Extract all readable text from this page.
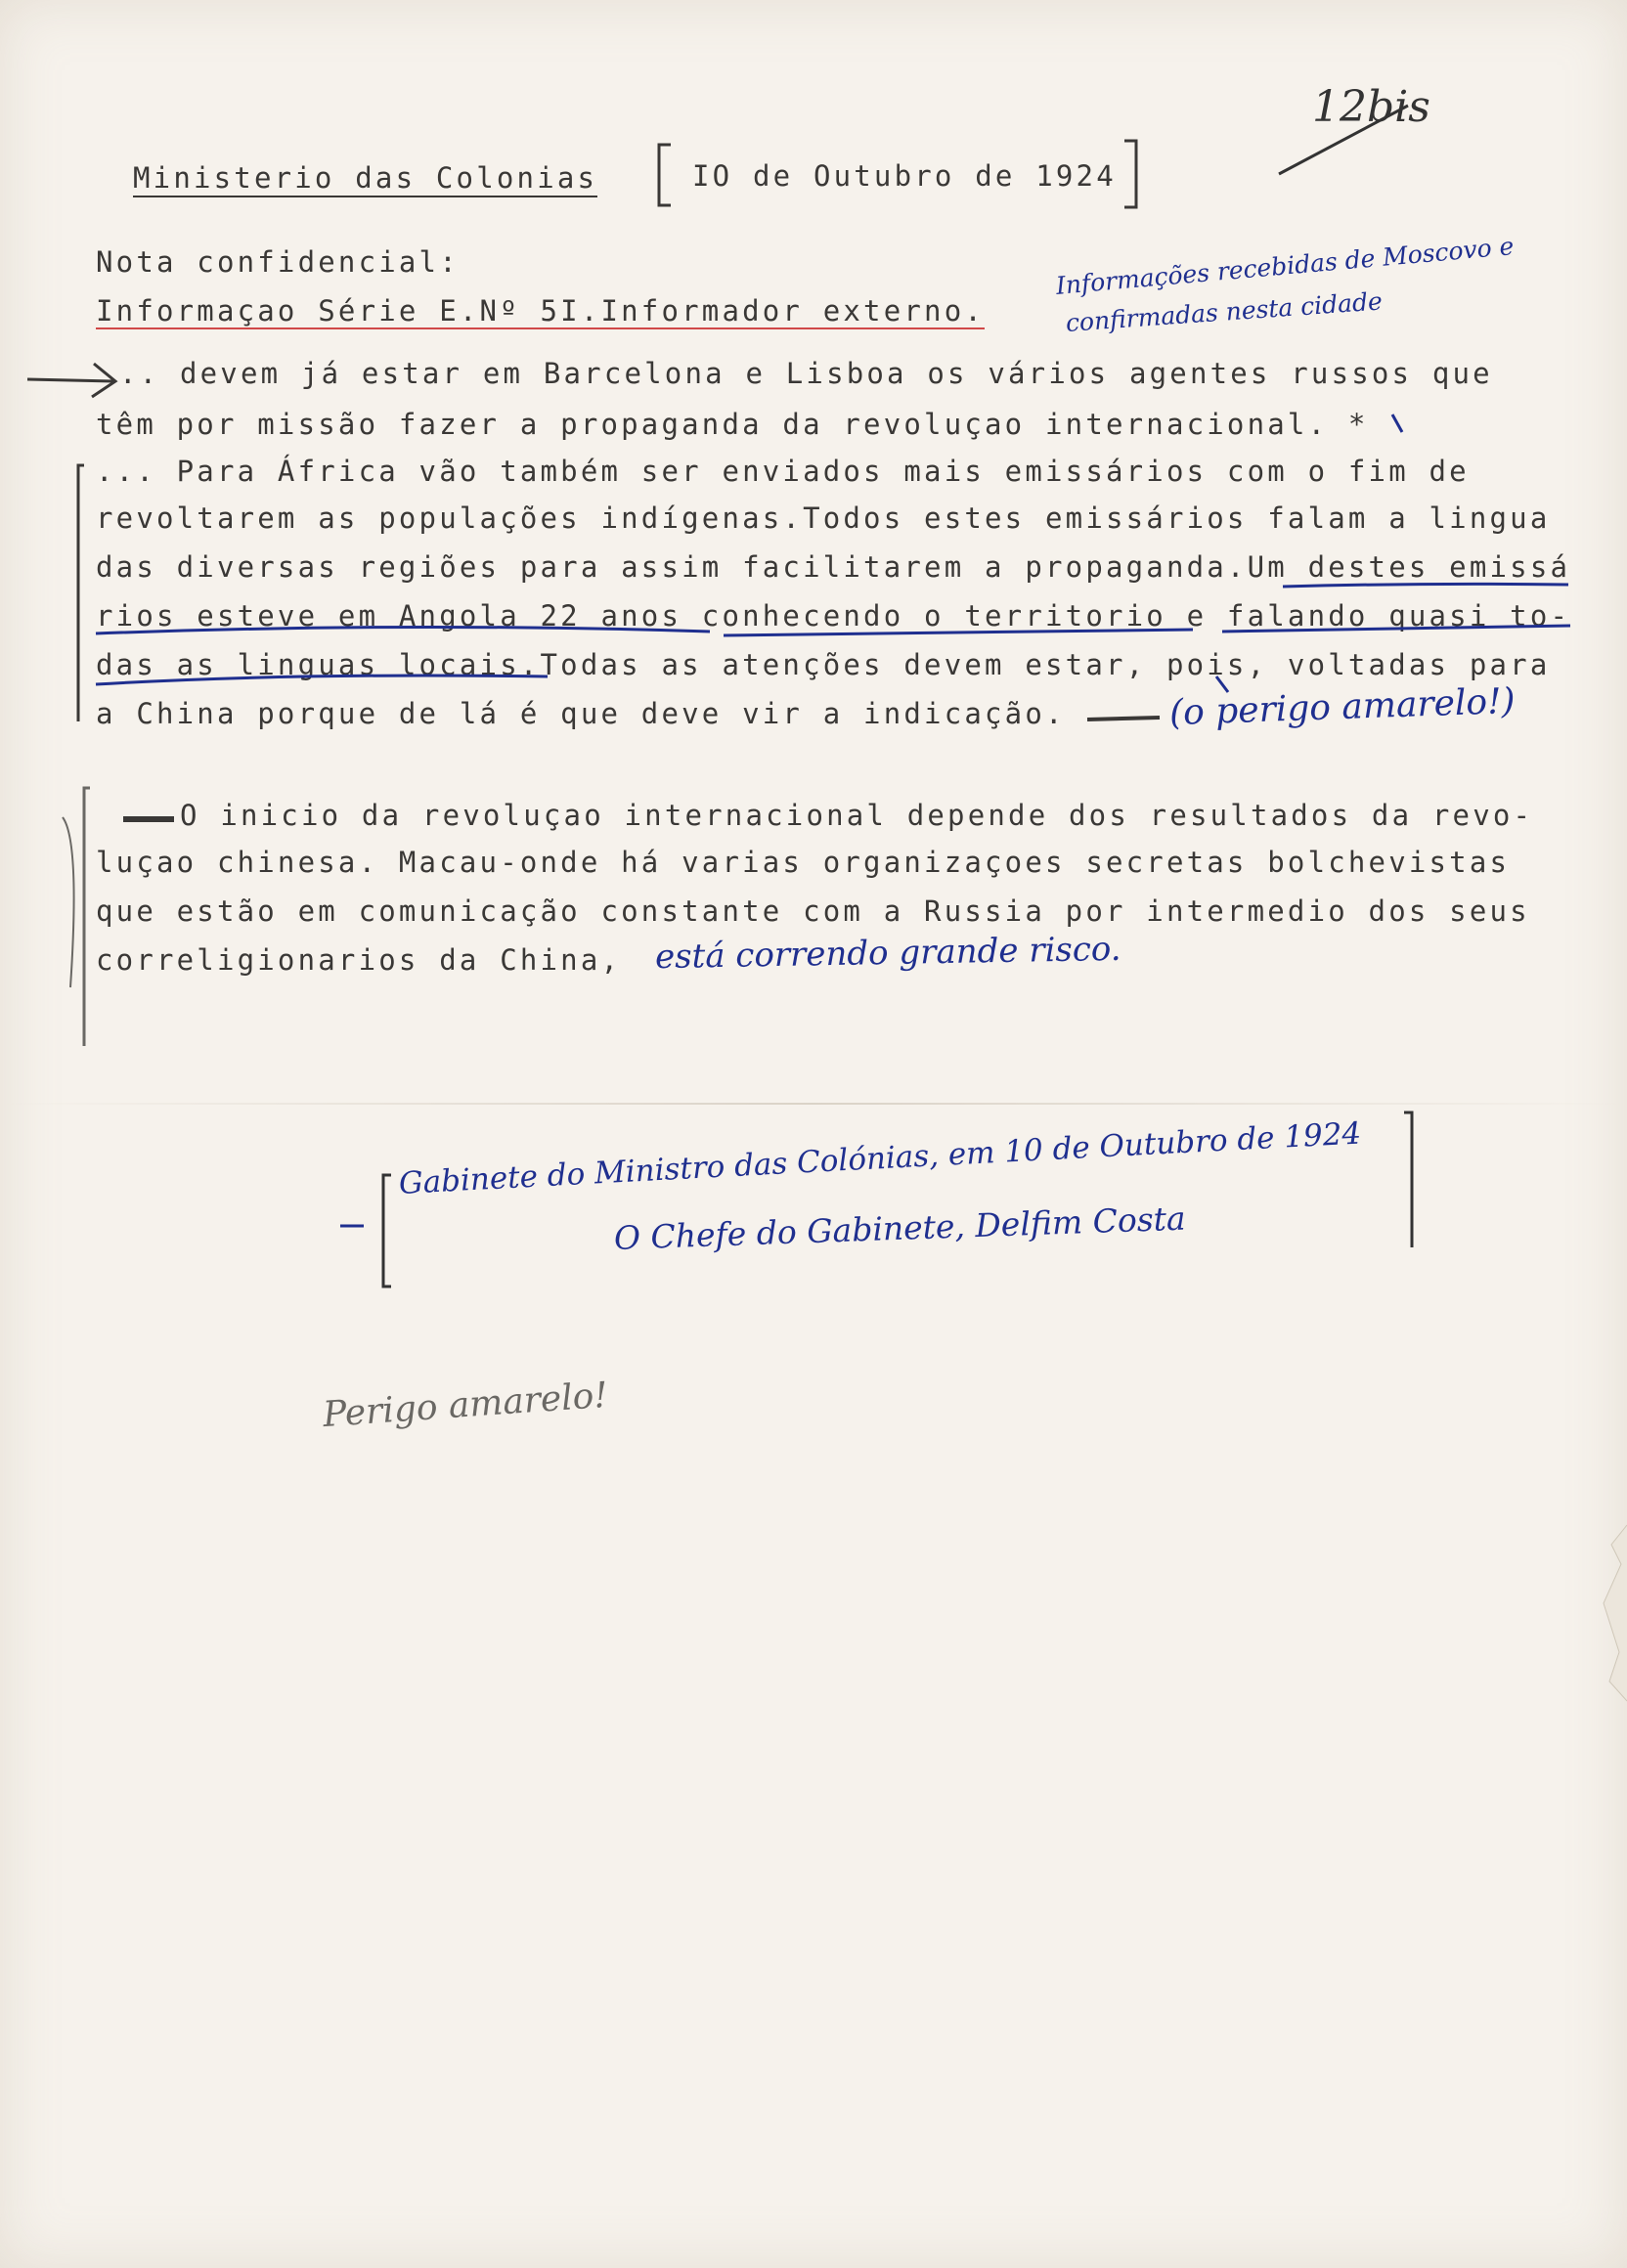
Ministerio das Colonias	IO de Outubro de 1924
12bis
Nota confidencial:
Informaçao Série E.Nº 5I.Informador externo.
Informações recebidas de Moscovo e
confirmadas nesta cidade
.. devem já estar em Barcelona e Lisboa os vários agentes russos que
têm por missão fazer a propaganda da revoluçao internacional. *
... Para África vão também ser enviados mais emissários com o fim de
revoltarem as populações indígenas.Todos estes emissários falam a lingua
das diversas regiões para assim facilitarem a propaganda.Um destes emissá
rios esteve em Angola 22 anos conhecendo o territorio e falando quasi to-
das as linguas locais.Todas as atenções devem estar, pois, voltadas para
a China porque de lá é que deve vir a indicação.	(o perigo amarelo!)
O inicio da revoluçao internacional depende dos resultados da revo-
luçao chinesa. Macau-onde há varias organizaçoes secretas bolchevistas
que estão em comunicação constante com a Russia por intermedio dos seus
correligionarios da China, está correndo grande risco.
Gabinete do Ministro das Colónias, em 10 de Outubro de 1924
O Chefe do Gabinete, Delfim Costa
Perigo amarelo!
